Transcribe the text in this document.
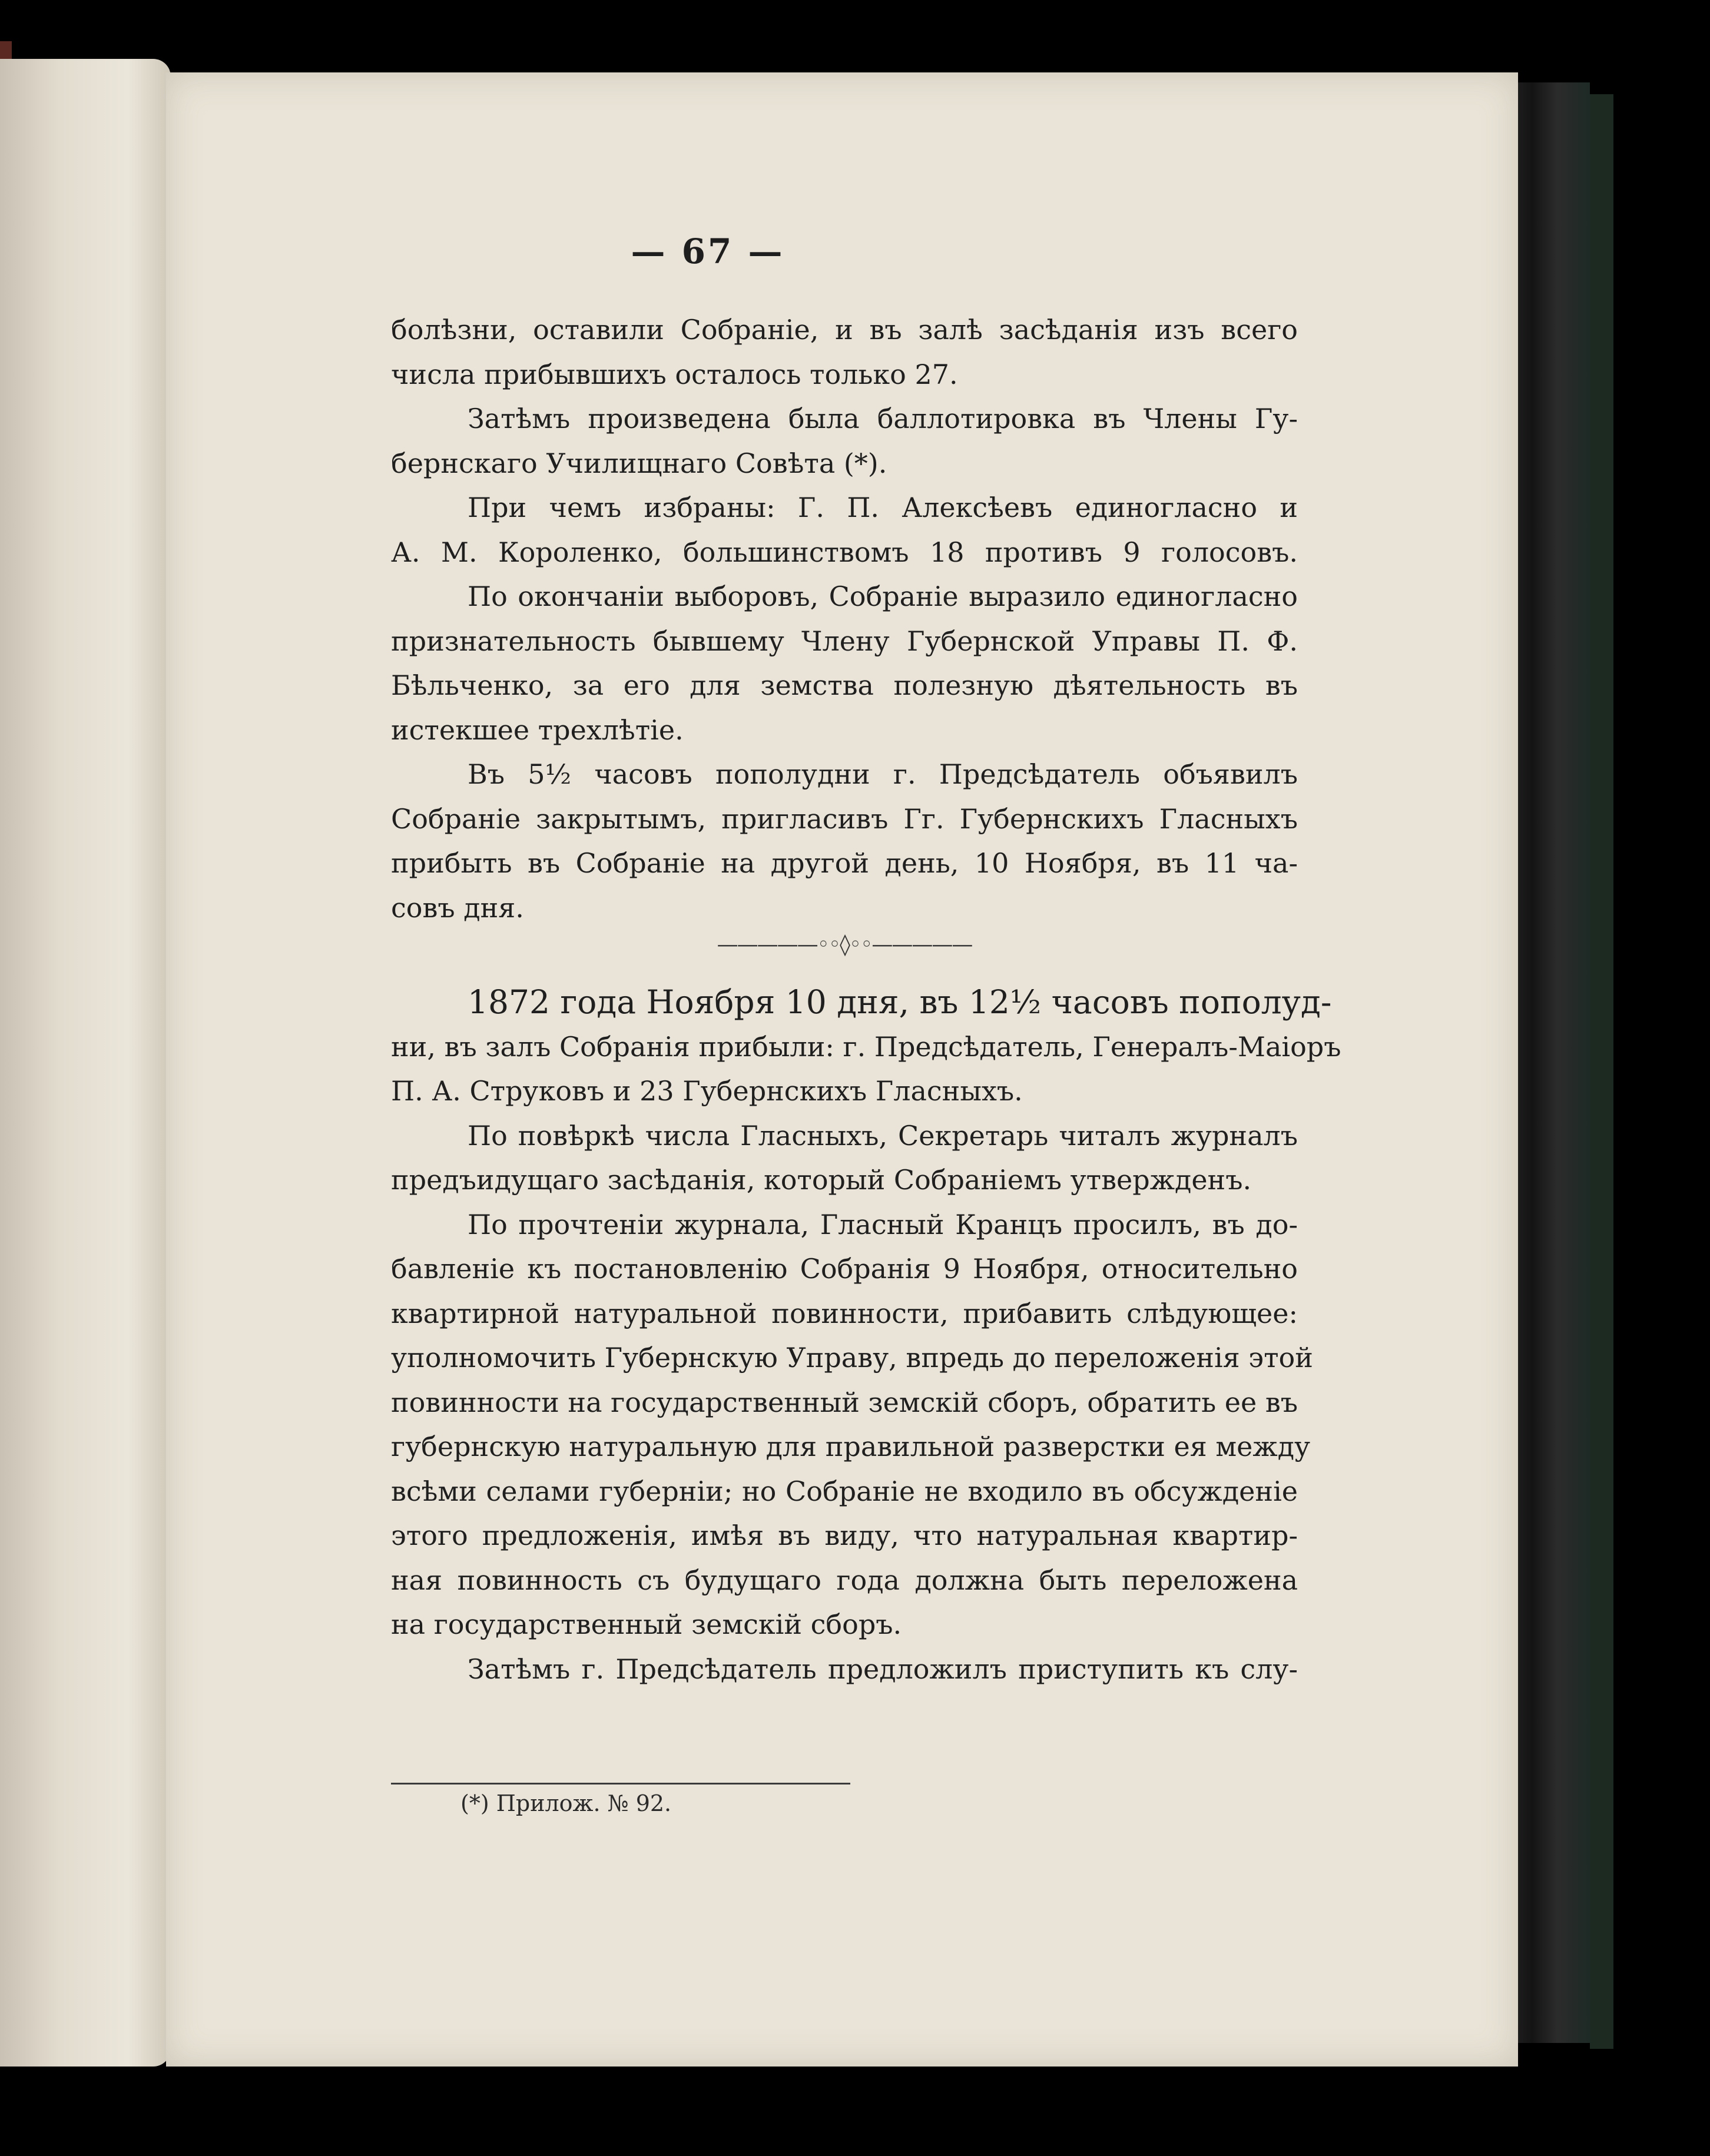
— 67 —
болѣзни, оставили Собраніе, и въ залѣ засѣданія изъ всего
числа прибывшихъ осталось только 27.
Затѣмъ произведена была баллотировка въ Члены Гу-
бернскаго Училищнаго Совѣта (*).
При чемъ избраны: Г. П. Алексѣевъ единогласно и
А. М. Короленко, большинствомъ 18 противъ 9 голосовъ.
По окончаніи выборовъ, Собраніе выразило единогласно
признательность бывшему Члену Губернской Управы П. Ф.
Бѣльченко, за его для земства полезную дѣятельность въ
истекшее трехлѣтіе.
Въ 5½ часовъ пополудни г. Предсѣдатель объявилъ
Собраніе закрытымъ, пригласивъ Гг. Губернскихъ Гласныхъ
прибыть въ Собраніе на другой день, 10 Ноября, въ 11 ча-
совъ дня.
—————◦◦◊◦◦—————
1872 года Ноября 10 дня, въ 12½ часовъ пополуд-
ни, въ залъ Собранія прибыли: г. Предсѣдатель, Генералъ-Маіоръ
П. А. Струковъ и 23 Губернскихъ Гласныхъ.
По повѣркѣ числа Гласныхъ, Секретарь читалъ журналъ
предъидущаго засѣданія, который Собраніемъ утвержденъ.
По прочтеніи журнала, Гласный Кранцъ просилъ, въ до-
бавленіе къ постановленію Собранія 9 Ноября, относительно
квартирной натуральной повинности, прибавить слѣдующее:
уполномочить Губернскую Управу, впредь до переложенія этой
повинности на государственный земскій сборъ, обратить ее въ
губернскую натуральную для правильной разверстки ея между
всѣми селами губерніи; но Собраніе не входило въ обсужденіе
этого предложенія, имѣя въ виду, что натуральная квартир-
ная повинность съ будущаго года должна быть переложена
на государственный земскій сборъ.
Затѣмъ г. Предсѣдатель предложилъ приступить къ слу-
(*) Прилож. № 92.
